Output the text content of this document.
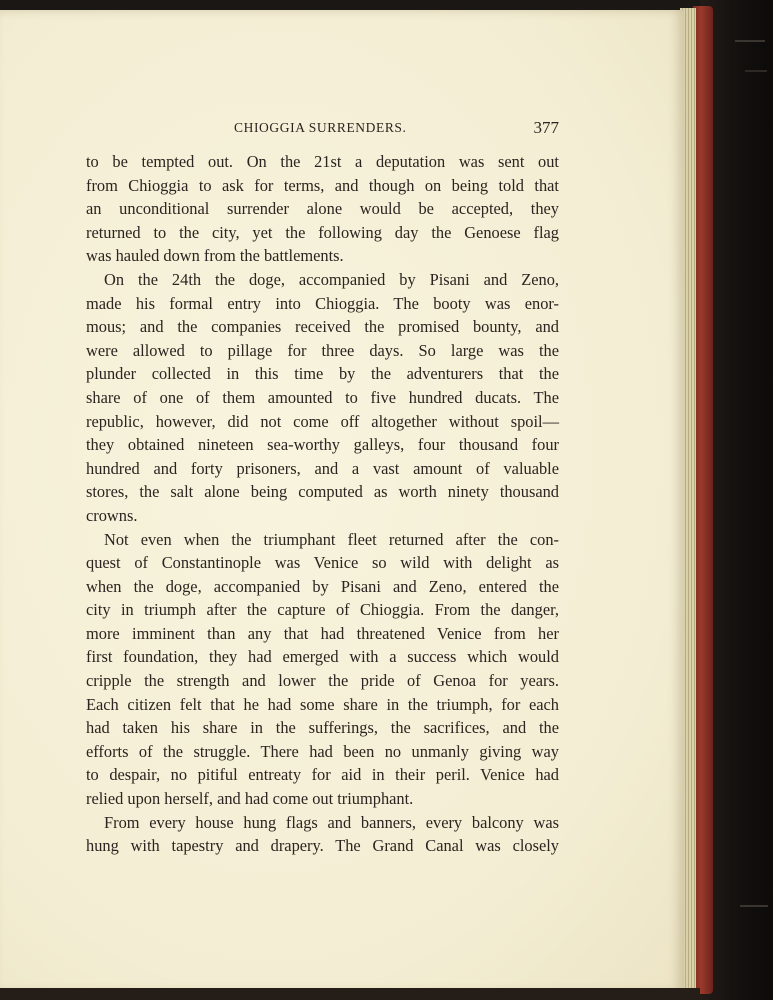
CHIOGGIA SURRENDERS.	377
to be tempted out. On the 21st a deputation was sent out
from Chioggia to ask for terms, and though on being told that
an unconditional surrender alone would be accepted, they
returned to the city, yet the following day the Genoese flag
was hauled down from the battlements.
On the 24th the doge, accompanied by Pisani and Zeno,
made his formal entry into Chioggia. The booty was enor-
mous; and the companies received the promised bounty, and
were allowed to pillage for three days. So large was the
plunder collected in this time by the adventurers that the
share of one of them amounted to five hundred ducats. The
republic, however, did not come off altogether without spoil—
they obtained nineteen sea-worthy galleys, four thousand four
hundred and forty prisoners, and a vast amount of valuable
stores, the salt alone being computed as worth ninety thousand
crowns.
Not even when the triumphant fleet returned after the con-
quest of Constantinople was Venice so wild with delight as
when the doge, accompanied by Pisani and Zeno, entered the
city in triumph after the capture of Chioggia. From the danger,
more imminent than any that had threatened Venice from her
first foundation, they had emerged with a success which would
cripple the strength and lower the pride of Genoa for years.
Each citizen felt that he had some share in the triumph, for each
had taken his share in the sufferings, the sacrifices, and the
efforts of the struggle. There had been no unmanly giving way
to despair, no pitiful entreaty for aid in their peril. Venice had
relied upon herself, and had come out triumphant.
From every house hung flags and banners, every balcony was
hung with tapestry and drapery. The Grand Canal was closely
